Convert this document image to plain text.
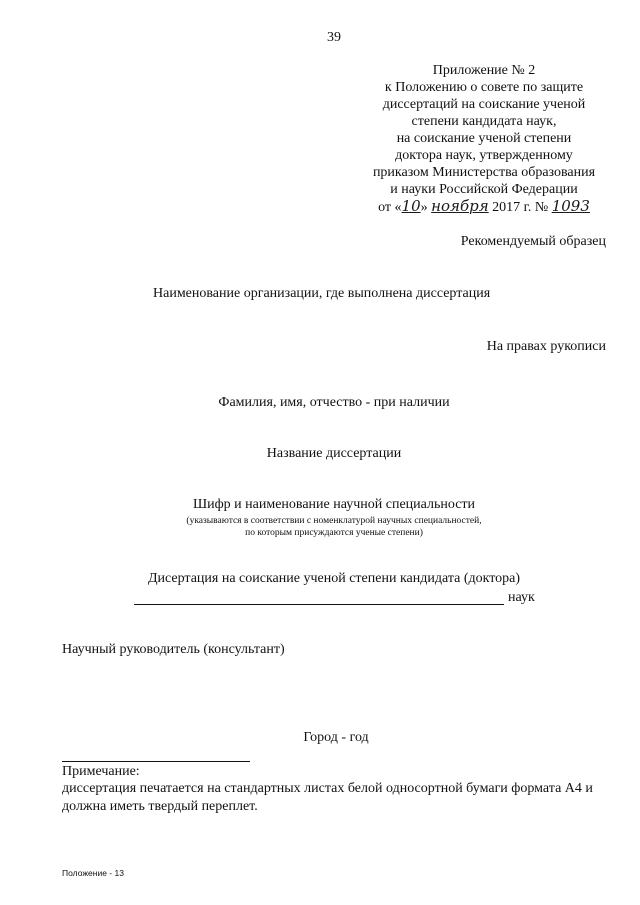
39
Приложение № 2
к Положению о совете по защите
диссертаций на соискание ученой
степени кандидата наук,
на соискание ученой степени
доктора наук, утвержденному
приказом Министерства образования
и науки Российской Федерации
от «10» ноября 2017 г. № 1093
Рекомендуемый образец
Наименование организации, где выполнена диссертация
На правах рукописи
Фамилия, имя, отчество - при наличии
Название диссертации
Шифр и наименование научной специальности
(указываются в соответствии с номенклатурой научных специальностей,
по которым присуждаются ученые степени)
Дисертация на соискание ученой степени кандидата (доктора)
наук
Научный руководитель (консультант)
Город - год
Примечание:
диссертация печатается на стандартных листах белой односортной бумаги формата А4 и должна иметь твердый переплет.
Положение - 13
